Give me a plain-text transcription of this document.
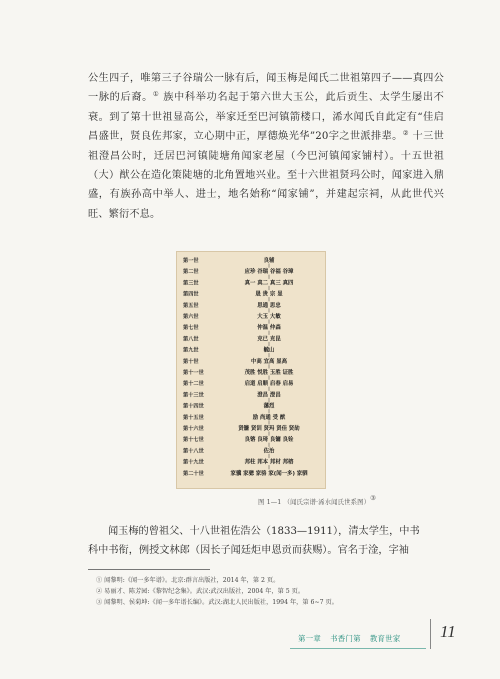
公生四子，唯第三子谷瑞公一脉有后，闻玉梅是闻氏二世祖第四子——真四公一脉的后裔。① 族中科举功名起于第六世大玉公，此后贡生、太学生屡出不衰。到了第十世祖显高公，举家迁至巴河镇箭楼口，浠水闻氏自此定有“佳启昌盛世，贤良佐邦家，立心期中正，厚德焕光华”20字之世派排辈。② 十三世祖澄昌公时，迁居巴河镇陡塘角闻家老屋（今巴河镇闻家铺村）。十五世祖（大）猷公在造化策陡塘的北角置地兴业。至十六世祖贤玛公时，闻家进入鼎盛，有族孙高中举人、进士，地名始称“闻家铺”，并建起宗祠，从此世代兴旺、繁衍不息。

第一世	良辅
第二世	应珍 谷瑞 谷福 谷璋
第三世	真一 真二 真三 真四
第四世	晟 贵 宗 显
第五世	思通 思忠
第六世	大玉 大敏
第七世	仲温 仲森
第八世	克已 克昆
第九世	毓山
第十世	中高 宜高 显高
第十一世	茂胜 悦胜 玉胜 证胜
第十二世	启道 启顺 启春 启易
第十三世	澄昌 澄昌
第十四世	藩烈
第十五世	励 尚通 受 猷
第十六世	贤镰 贤训 贤玛 贤佳 贤劼
第十七世	良镕 良琦 良镛 良铨
第十八世	佐治
第十九世	邦柱 邦本 邦材 邦榕
第二十世	家骥 家骢 家骆 家(闻一多) 家驷
图 1—1 （闻氏宗谱·浠水闻氏世系图）③
闻玉梅的曾祖父、十八世祖佐浩公（1833—1911），清太学生，中书
科中书衔，例授文林郎（因长子闻廷炬申恩贡而获赐）。官名于淦，字袖
① 闻黎明:《闻一多年谱》。北京:群言出版社，2014 年，第 2 页。
② 易丽才、陈芳园:《黎智纪念集》。武汉:武汉出版社，2004 年，第 5 页。
③ 闻黎明、侯菊坤:《闻一多年谱长编》。武汉:湖北人民出版社，1994 年，第 6~7 页。
第一章 书香门第 教育世家 11
